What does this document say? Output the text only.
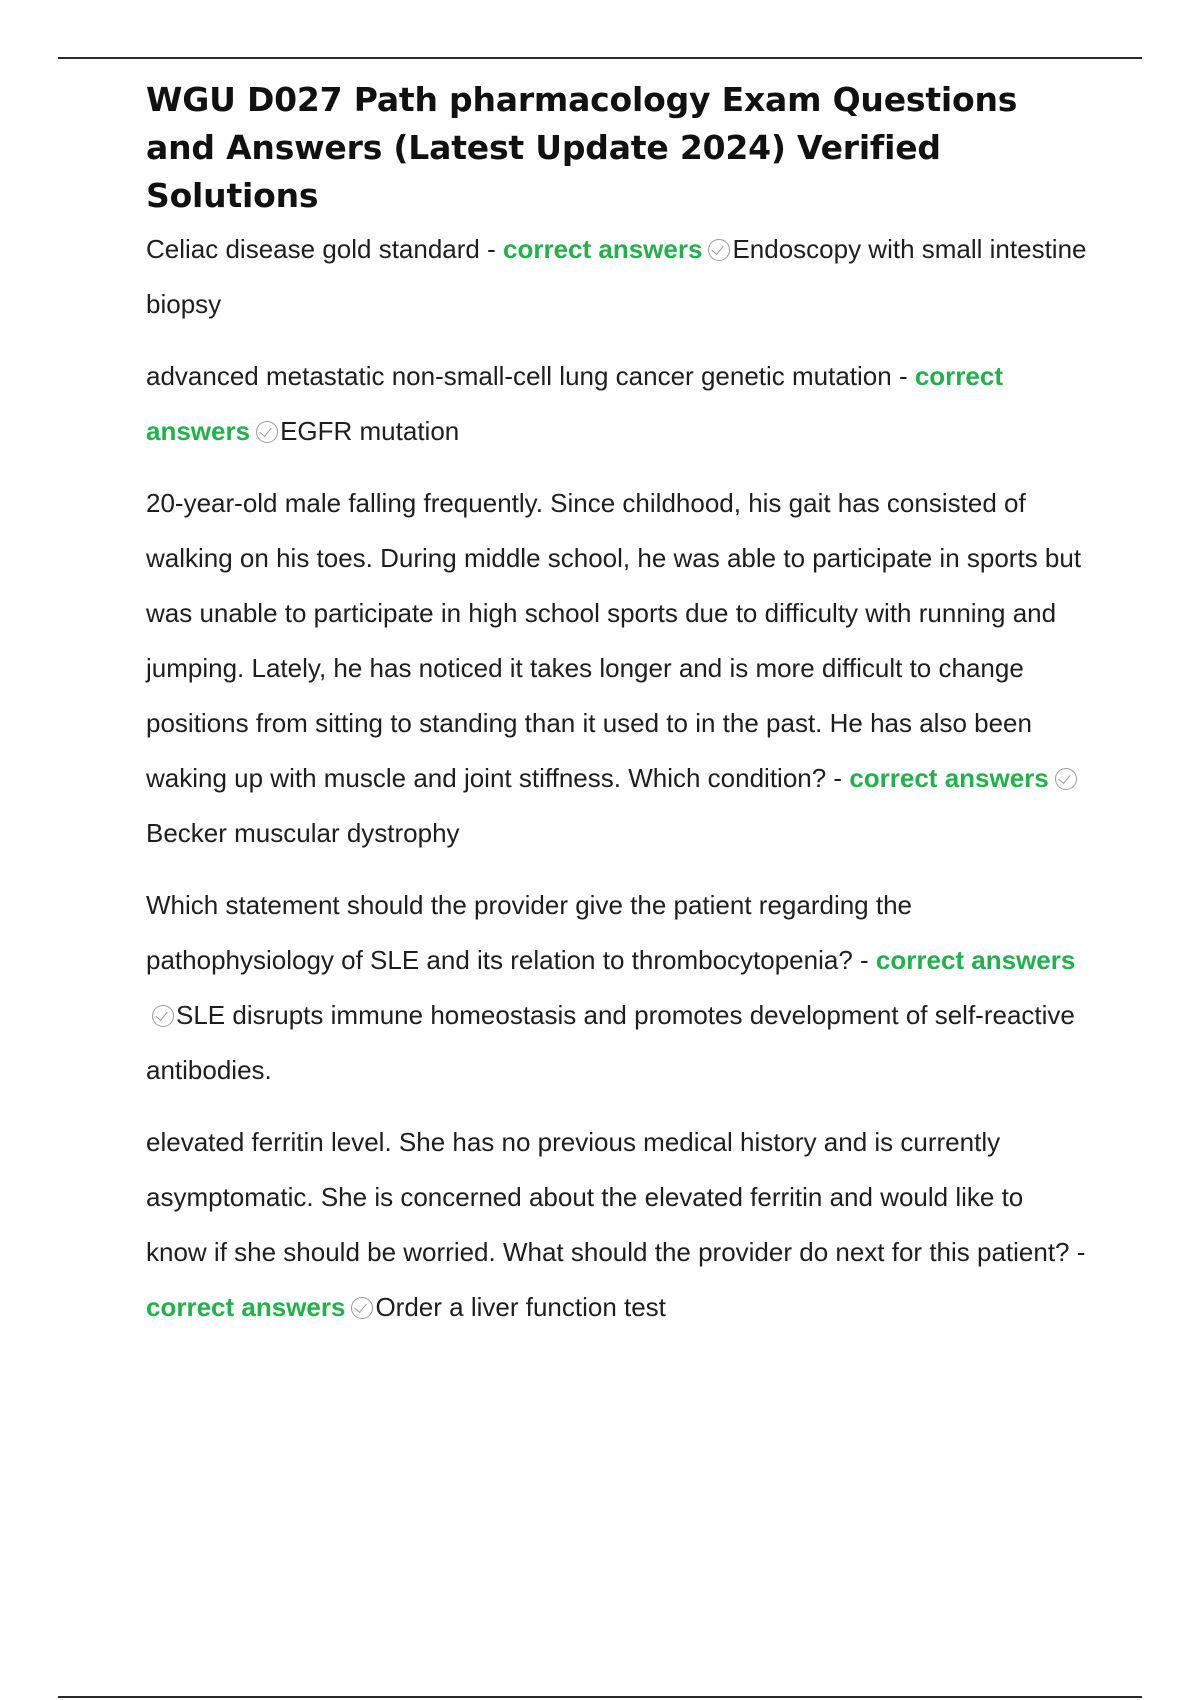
WGU D027 Path pharmacology Exam Questions and Answers (Latest Update 2024) Verified Solutions

Celiac disease gold standard - correct answers Endoscopy with small intestine biopsy

advanced metastatic non-small-cell lung cancer genetic mutation - correct answers EGFR mutation

20-year-old male falling frequently. Since childhood, his gait has consisted of walking on his toes. During middle school, he was able to participate in sports but was unable to participate in high school sports due to difficulty with running and jumping. Lately, he has noticed it takes longer and is more difficult to change positions from sitting to standing than it used to in the past. He has also been waking up with muscle and joint stiffness. Which condition? - correct answersBecker muscular dystrophy

Which statement should the provider give the patient regarding the pathophysiology of SLE and its relation to thrombocytopenia? - correct answersSLE disrupts immune homeostasis and promotes development of self-reactive antibodies.

elevated ferritin level. She has no previous medical history and is currently asymptomatic. She is concerned about the elevated ferritin and would like to know if she should be worried. What should the provider do next for this patient? - correct answers Order a liver function test
